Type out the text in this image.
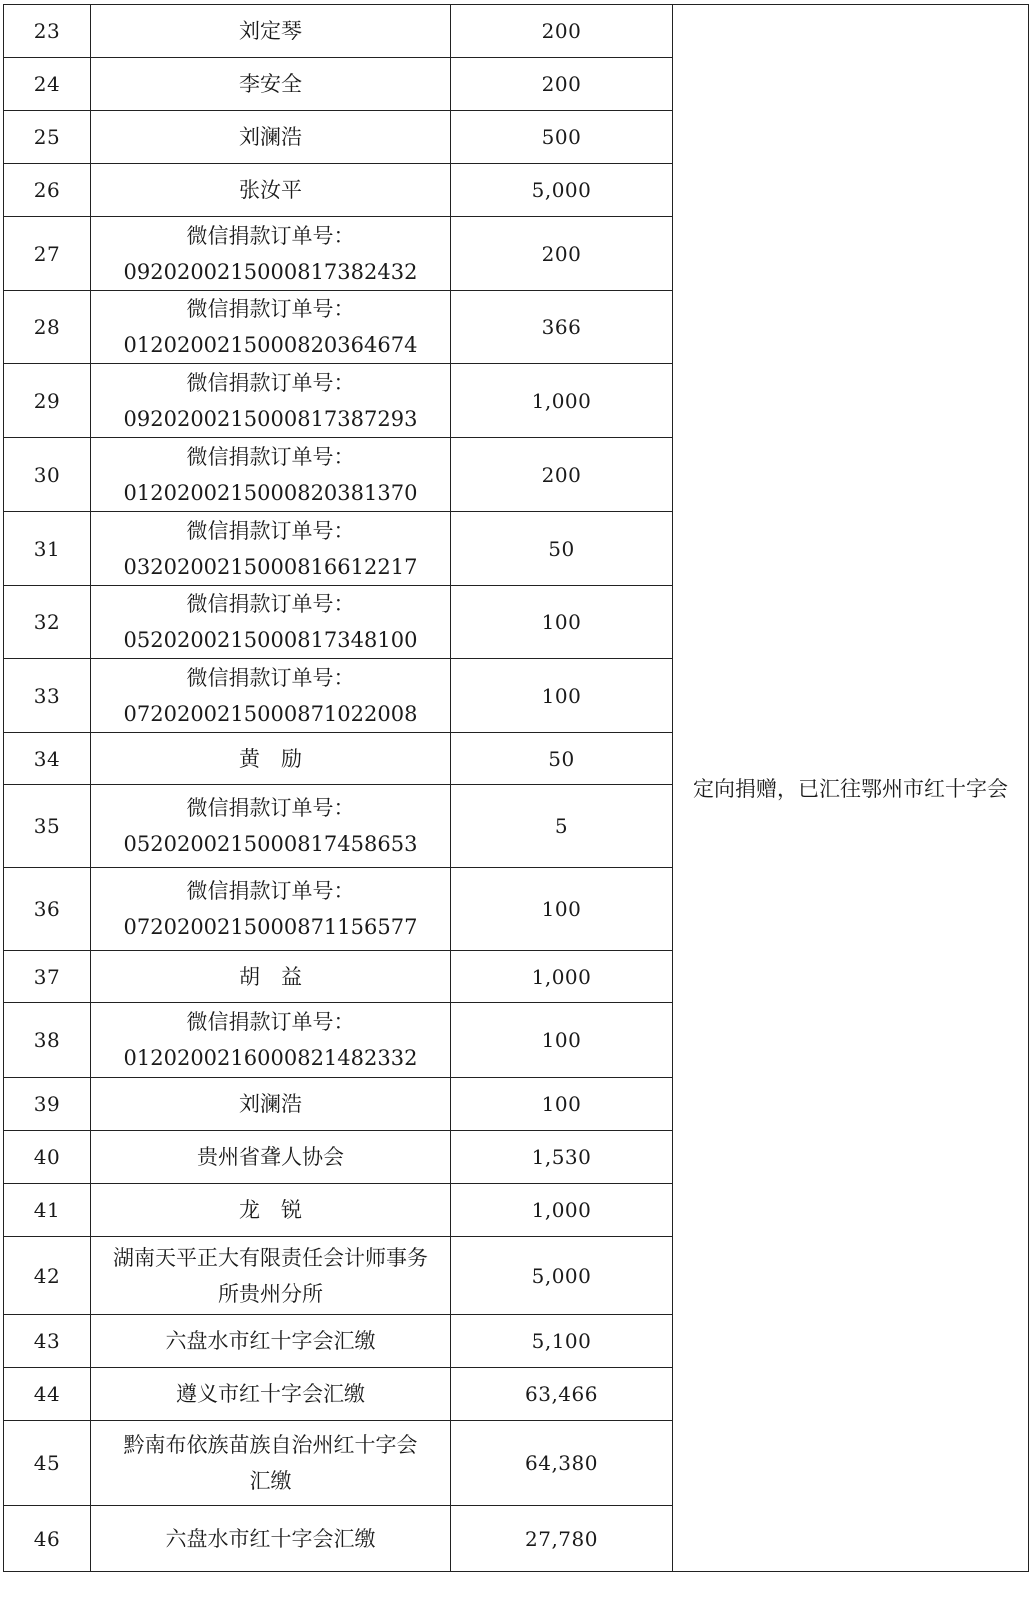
23	刘定琴	200	定向捐赠，已汇往鄂州市红十字会
24	李安全	200	
25	刘澜浩	500	
26	张汝平	5,000	
27	微信捐款订单号：
0920200215000817382432	200	
28	微信捐款订单号：
0120200215000820364674	366	
29	微信捐款订单号：
0920200215000817387293	1,000	
30	微信捐款订单号：
0120200215000820381370	200	
31	微信捐款订单号：
0320200215000816612217	50	
32	微信捐款订单号：
0520200215000817348100	100	
33	微信捐款订单号：
0720200215000871022008	100	
34	黄　励	50	
35	微信捐款订单号：
0520200215000817458653	5	
36	微信捐款订单号：
0720200215000871156577	100	
37	胡　益	1,000	
38	微信捐款订单号：
0120200216000821482332	100	
39	刘澜浩	100	
40	贵州省聋人协会	1,530	
41	龙　锐	1,000	
42	湖南天平正大有限责任会计师事务
所贵州分所	5,000	
43	六盘水市红十字会汇缴	5,100	
44	遵义市红十字会汇缴	63,466	
45	黔南布依族苗族自治州红十字会
汇缴	64,380	
46	六盘水市红十字会汇缴	27,780	
